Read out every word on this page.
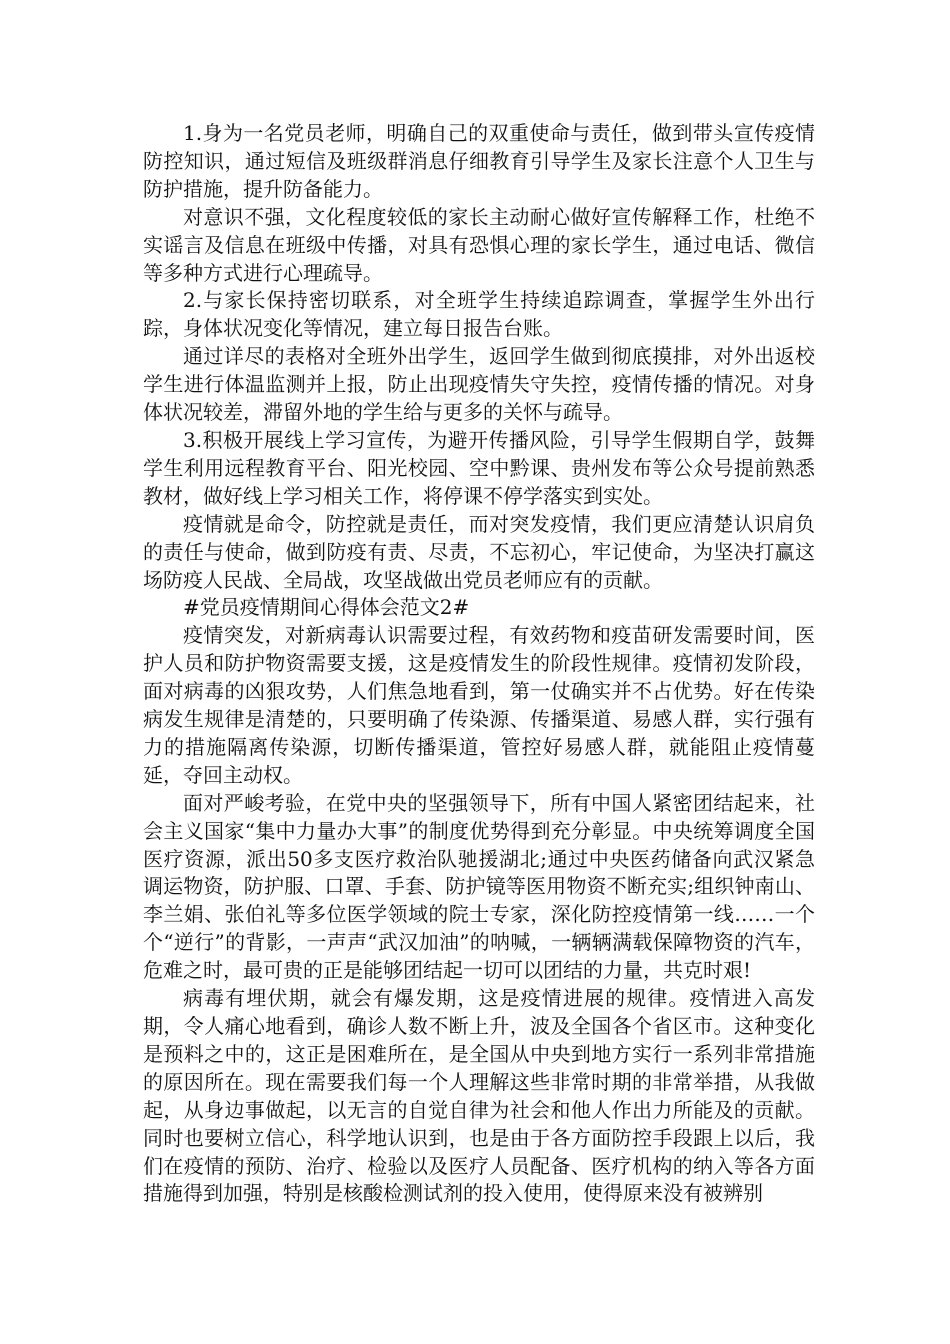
1.身为一名党员老师，明确自己的双重使命与责任，做到带头宣传疫情防控知识，通过短信及班级群消息仔细教育引导学生及家长注意个人卫生与防护措施，提升防备能力。

对意识不强，文化程度较低的家长主动耐心做好宣传解释工作，杜绝不实谣言及信息在班级中传播，对具有恐惧心理的家长学生，通过电话、微信等多种方式进行心理疏导。

2.与家长保持密切联系，对全班学生持续追踪调查，掌握学生外出行踪，身体状况变化等情况，建立每日报告台账。

通过详尽的表格对全班外出学生，返回学生做到彻底摸排，对外出返校学生进行体温监测并上报，防止出现疫情失守失控，疫情传播的情况。对身体状况较差，滞留外地的学生给与更多的关怀与疏导。

3.积极开展线上学习宣传，为避开传播风险，引导学生假期自学，鼓舞学生利用远程教育平台、阳光校园、空中黔课、贵州发布等公众号提前熟悉教材，做好线上学习相关工作，将停课不停学落实到实处。

疫情就是命令，防控就是责任，而对突发疫情，我们更应清楚认识肩负的责任与使命，做到防疫有责、尽责，不忘初心，牢记使命，为坚决打赢这场防疫人民战、全局战，攻坚战做出党员老师应有的贡献。

#党员疫情期间心得体会范文2#

疫情突发，对新病毒认识需要过程，有效药物和疫苗研发需要时间，医护人员和防护物资需要支援，这是疫情发生的阶段性规律。疫情初发阶段，面对病毒的凶狠攻势，人们焦急地看到，第一仗确实并不占优势。好在传染病发生规律是清楚的，只要明确了传染源、传播渠道、易感人群，实行强有力的措施隔离传染源，切断传播渠道，管控好易感人群，就能阻止疫情蔓延，夺回主动权。

面对严峻考验，在党中央的坚强领导下，所有中国人紧密团结起来，社会主义国家“集中力量办大事”的制度优势得到充分彰显。中央统筹调度全国医疗资源，派出50多支医疗救治队驰援湖北;通过中央医药储备向武汉紧急调运物资，防护服、口罩、手套、防护镜等医用物资不断充实;组织钟南山、李兰娟、张伯礼等多位医学领域的院士专家，深化防控疫情第一线……一个个“逆行”的背影，一声声“武汉加油”的呐喊，一辆辆满载保障物资的汽车，危难之时，最可贵的正是能够团结起一切可以团结的力量，共克时艰!

病毒有埋伏期，就会有爆发期，这是疫情进展的规律。疫情进入高发期，令人痛心地看到，确诊人数不断上升，波及全国各个省区市。这种变化是预料之中的，这正是困难所在，是全国从中央到地方实行一系列非常措施的原因所在。现在需要我们每一个人理解这些非常时期的非常举措，从我做起，从身边事做起，以无言的自觉自律为社会和他人作出力所能及的贡献。同时也要树立信心，科学地认识到，也是由于各方面防控手段跟上以后，我们在疫情的预防、治疗、检验以及医疗人员配备、医疗机构的纳入等各方面措施得到加强，特别是核酸检测试剂的投入使用，使得原来没有被辨别
